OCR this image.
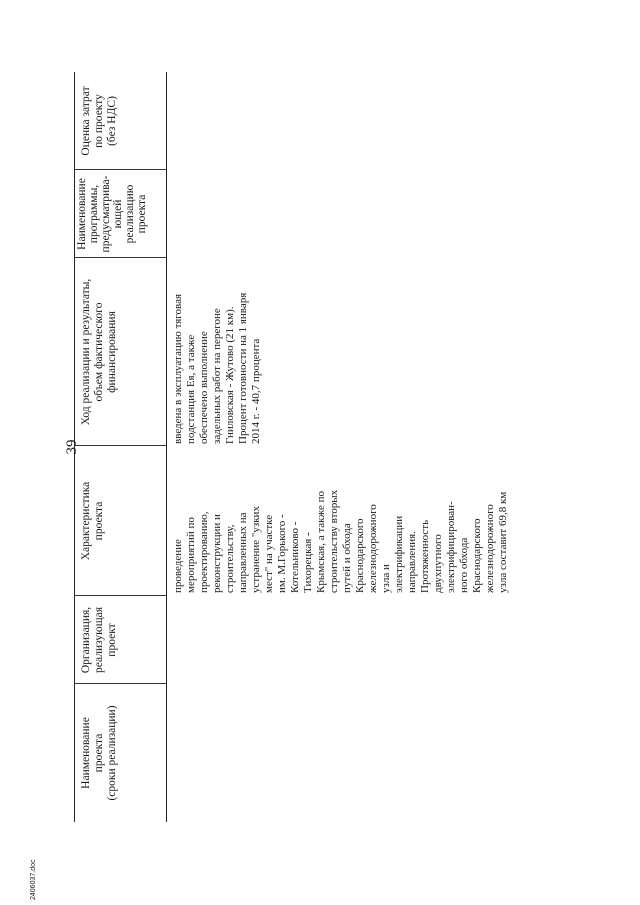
39
Наименование
проекта
(сроки реализации)
Организация,
реализующая
проект
Характеристика
проекта
Ход реализации и результаты,
объем фактического
финансирования
Наименование
программы,
предусматрива-
ющей
реализацию
проекта
Оценка затрат
по проекту
(без НДС)
проведение
мероприятий по
проектированию,
реконструкции и
строительству,
направленных на
устранение "узких
мест" на участке
им. М.Горького -
Котельниково -
Тихорецкая -
Крымская, а также по
строительству вторых
путей и обхода
Краснодарского
железнодорожного
узла и
электрификации
направления.
Протяженность
двухпутного
электрифицирован-
ного обхода
Краснодарского
железнодорожного
узла составит 69,8 км
введена в эксплуатацию тяговая
подстанция Ея, а также
обеспечено выполнение
задельных работ на перегоне
Гниловская - Жутово (21 км).
Процент готовности на 1 января
2014 г. - 40,7 процента
2406037.doc
